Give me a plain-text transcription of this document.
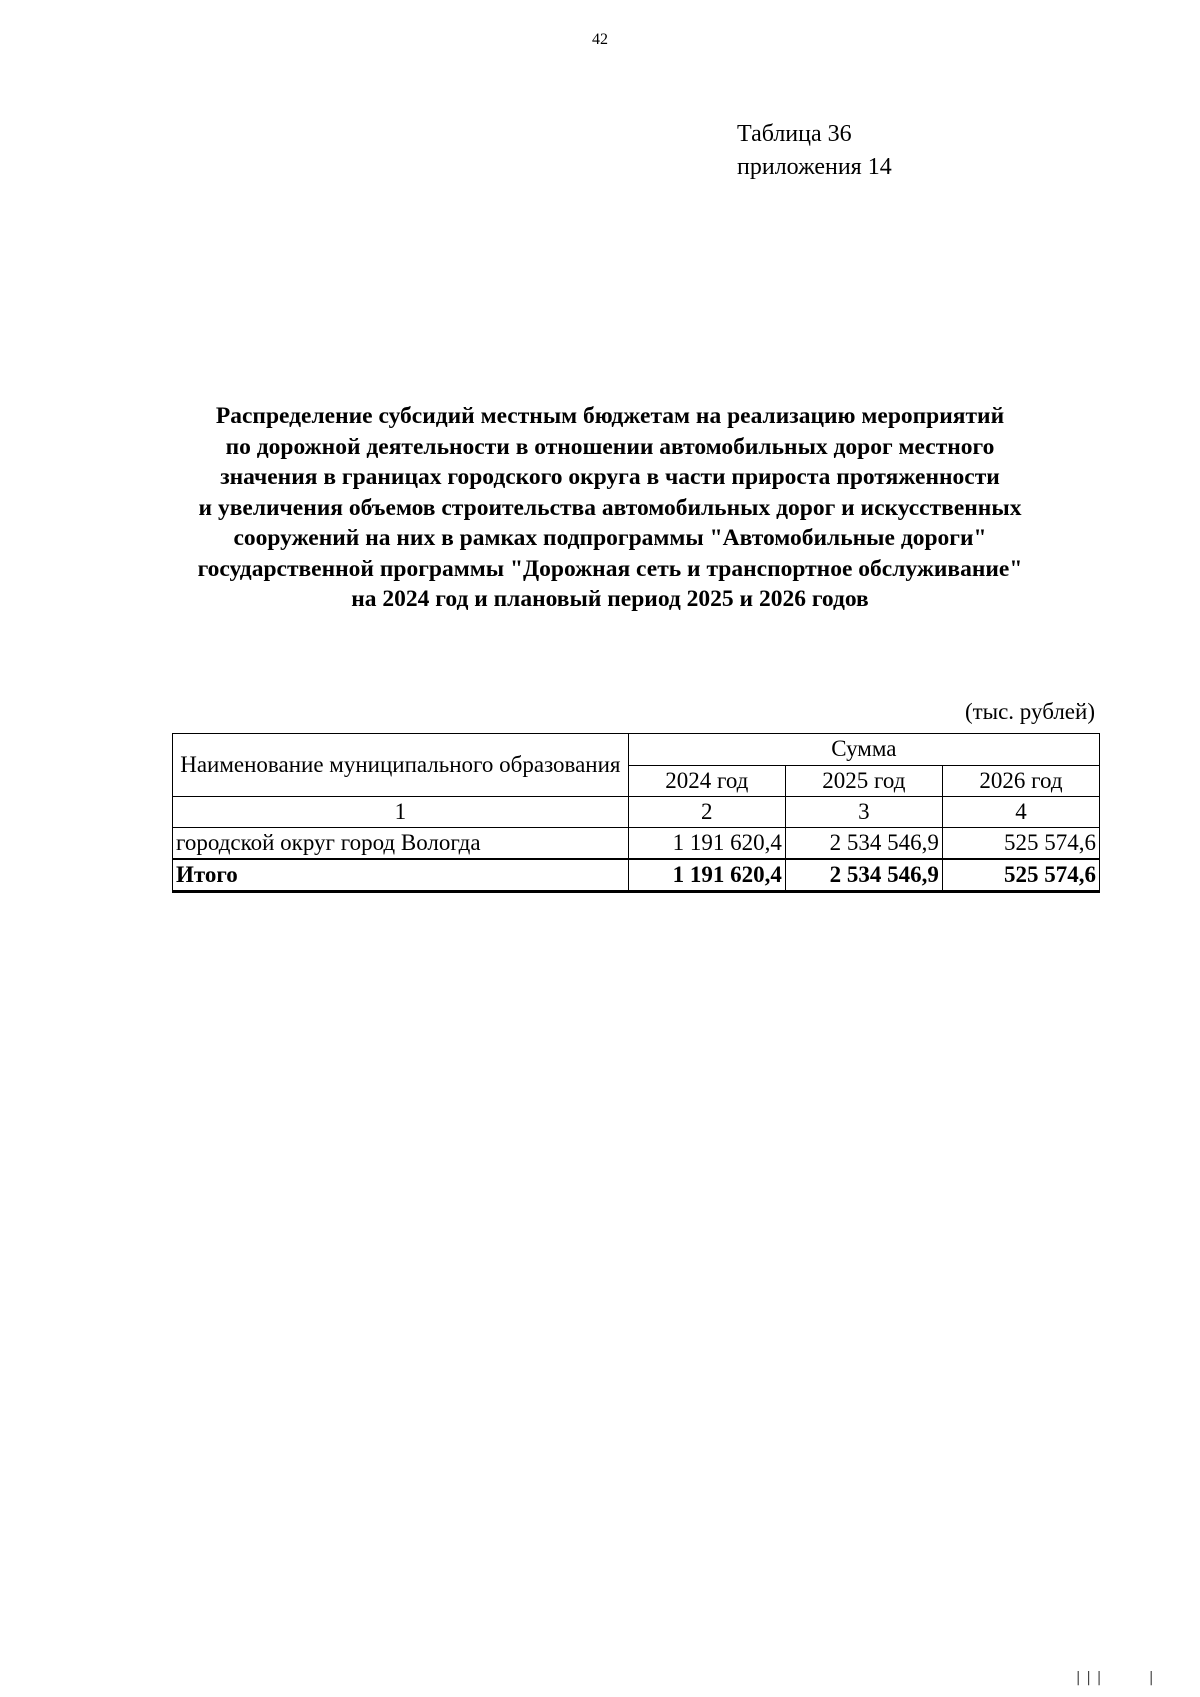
42
Таблица 36
приложения 14
Распределение субсидий местным бюджетам на реализацию мероприятий
по дорожной деятельности в отношении автомобильных дорог местного
значения в границах городского округа в части прироста протяженности
и увеличения объемов строительства автомобильных дорог и искусственных
сооружений на них в рамках подпрограммы "Автомобильные дороги"
государственной программы "Дорожная сеть и транспортное обслуживание"
на 2024 год и плановый период 2025 и 2026 годов
(тыс. рублей)
Наименование муниципального образования	Сумма		
	2024 год	2025 год	2026 год
1	2	3	4
городской округ город Вологда	1 191 620,4	2 534 546,9	525 574,6
Итого	1 191 620,4	2 534 546,9	525 574,6
|||    |
